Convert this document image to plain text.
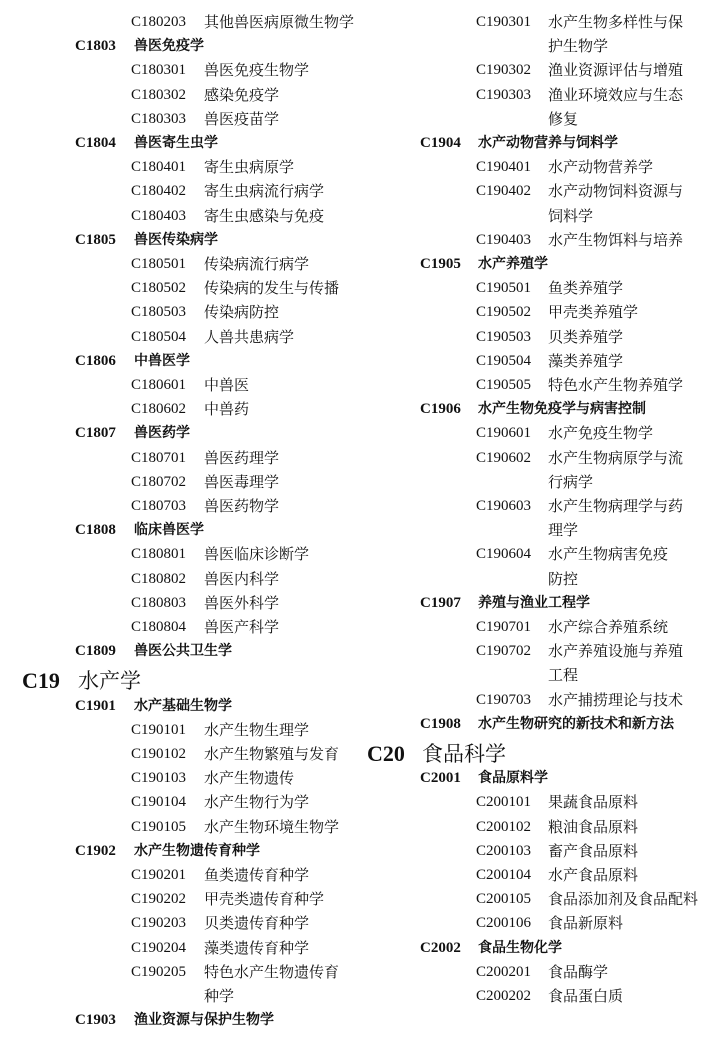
C180203 其他兽医病原微生物学
C1803 兽医免疫学
C180301 兽医免疫生物学
C180302 感染免疫学
C180303 兽医疫苗学
C1804 兽医寄生虫学
C180401 寄生虫病原学
C180402 寄生虫病流行病学
C180403 寄生虫感染与免疫
C1805 兽医传染病学
C180501 传染病流行病学
C180502 传染病的发生与传播
C180503 传染病防控
C180504 人兽共患病学
C1806 中兽医学
C180601 中兽医
C180602 中兽药
C1807 兽医药学
C180701 兽医药理学
C180702 兽医毒理学
C180703 兽医药物学
C1808 临床兽医学
C180801 兽医临床诊断学
C180802 兽医内科学
C180803 兽医外科学
C180804 兽医产科学
C1809 兽医公共卫生学
C19 水产学
C1901 水产基础生物学
C190101 水产生物生理学
C190102 水产生物繁殖与发育
C190103 水产生物遗传
C190104 水产生物行为学
C190105 水产生物环境生物学
C1902 水产生物遗传育种学
C190201 鱼类遗传育种学
C190202 甲壳类遗传育种学
C190203 贝类遗传育种学
C190204 藻类遗传育种学
C190205 特色水产生物遗传育
种学
C1903 渔业资源与保护生物学
C190301 水产生物多样性与保
护生物学
C190302 渔业资源评估与增殖
C190303 渔业环境效应与生态
修复
C1904 水产动物营养与饲料学
C190401 水产动物营养学
C190402 水产动物饲料资源与
饲料学
C190403 水产生物饵料与培养
C1905 水产养殖学
C190501 鱼类养殖学
C190502 甲壳类养殖学
C190503 贝类养殖学
C190504 藻类养殖学
C190505 特色水产生物养殖学
C1906 水产生物免疫学与病害控制
C190601 水产免疫生物学
C190602 水产生物病原学与流
行病学
C190603 水产生物病理学与药
理学
C190604 水产生物病害免疫
防控
C1907 养殖与渔业工程学
C190701 水产综合养殖系统
C190702 水产养殖设施与养殖
工程
C190703 水产捕捞理论与技术
C1908 水产生物研究的新技术和新方法
C20 食品科学
C2001 食品原料学
C200101 果蔬食品原料
C200102 粮油食品原料
C200103 畜产食品原料
C200104 水产食品原料
C200105 食品添加剂及食品配料
C200106 食品新原料
C2002 食品生物化学
C200201 食品酶学
C200202 食品蛋白质
